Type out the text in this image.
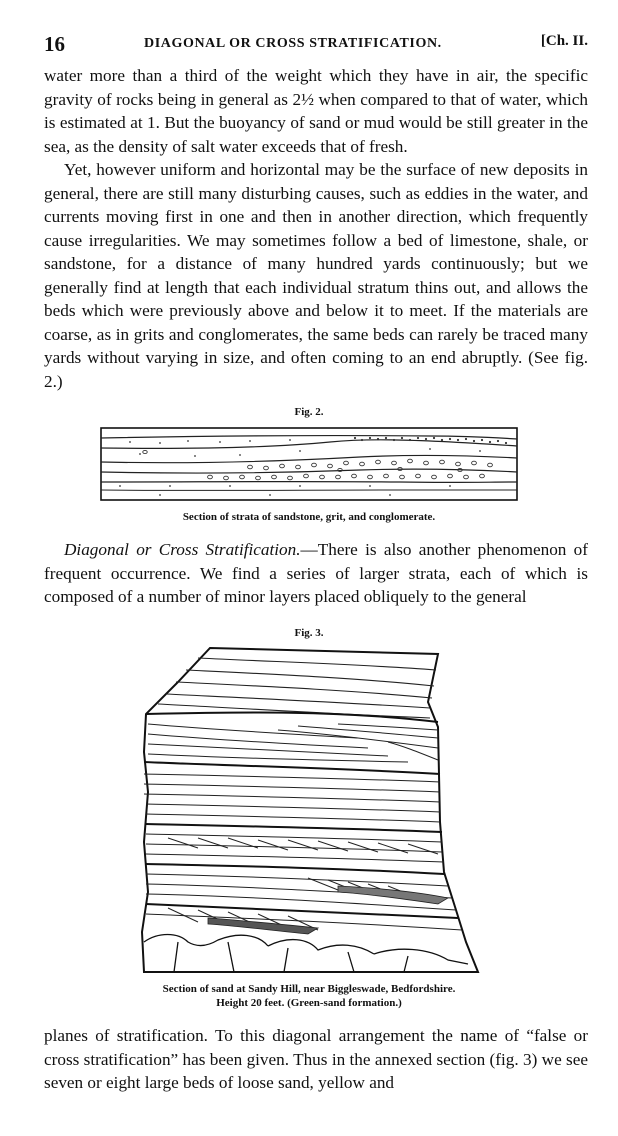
16	DIAGONAL OR CROSS STRATIFICATION.	[Ch. II.

water more than a third of the weight which they have in air, the specific gravity of rocks being in general as 2½ when compared to that of water, which is estimated at 1. But the buoyancy of sand or mud would be still greater in the sea, as the density of salt water exceeds that of fresh.

Yet, however uniform and horizontal may be the surface of new deposits in general, there are still many disturbing causes, such as eddies in the water, and currents moving first in one and then in another direction, which frequently cause irregularities. We may sometimes follow a bed of limestone, shale, or sandstone, for a distance of many hundred yards continuously; but we generally find at length that each individual stratum thins out, and allows the beds which were previously above and below it to meet. If the materials are coarse, as in grits and conglomerates, the same beds can rarely be traced many yards without varying in size, and often coming to an end abruptly. (See fig. 2.)

Fig. 2.
Section of strata of sandstone, grit, and conglomerate.

Diagonal or Cross Stratification.—There is also another phenomenon of frequent occurrence. We find a series of larger strata, each of which is composed of a number of minor layers placed obliquely to the general

Fig. 3.
Section of sand at Sandy Hill, near Biggleswade, Bedfordshire.
Height 20 feet. (Green-sand formation.)

planes of stratification. To this diagonal arrangement the name of “false or cross stratification” has been given. Thus in the annexed section (fig. 3) we see seven or eight large beds of loose sand, yellow and
